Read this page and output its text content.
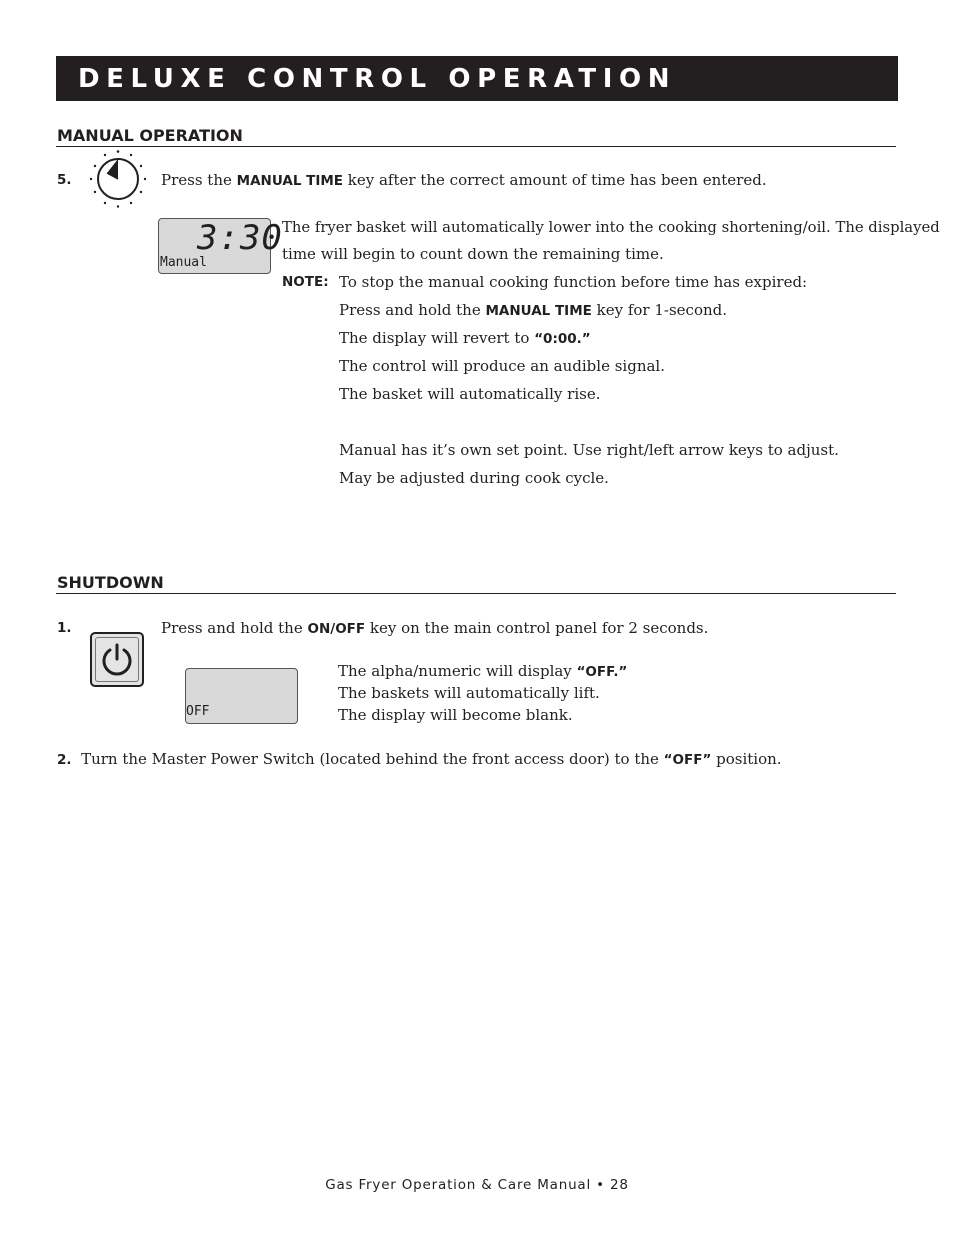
DELUXE CONTROL OPERATION
MANUAL OPERATION
5.	Press the MANUAL TIME key after the correct amount of time has been entered.
3:30
Manual
The fryer basket will automatically lower into the cooking shortening/oil. The displayed
time will begin to count down the remaining time.
NOTE: To stop the manual cooking function before time has expired:
Press and hold the MANUAL TIME key for 1-second.
The display will revert to “0:00.”
The control will produce an audible signal.
The basket will automatically rise.
Manual has it’s own set point. Use right/left arrow keys to adjust.
May be adjusted during cook cycle.
SHUTDOWN
1.	Press and hold the ON/OFF key on the main control panel for 2 seconds.
OFF
The alpha/numeric will display “OFF.”
The baskets will automatically lift.
The display will become blank.
2. Turn the Master Power Switch (located behind the front access door) to the “OFF” position.
Gas Fryer Operation & Care Manual • 28
